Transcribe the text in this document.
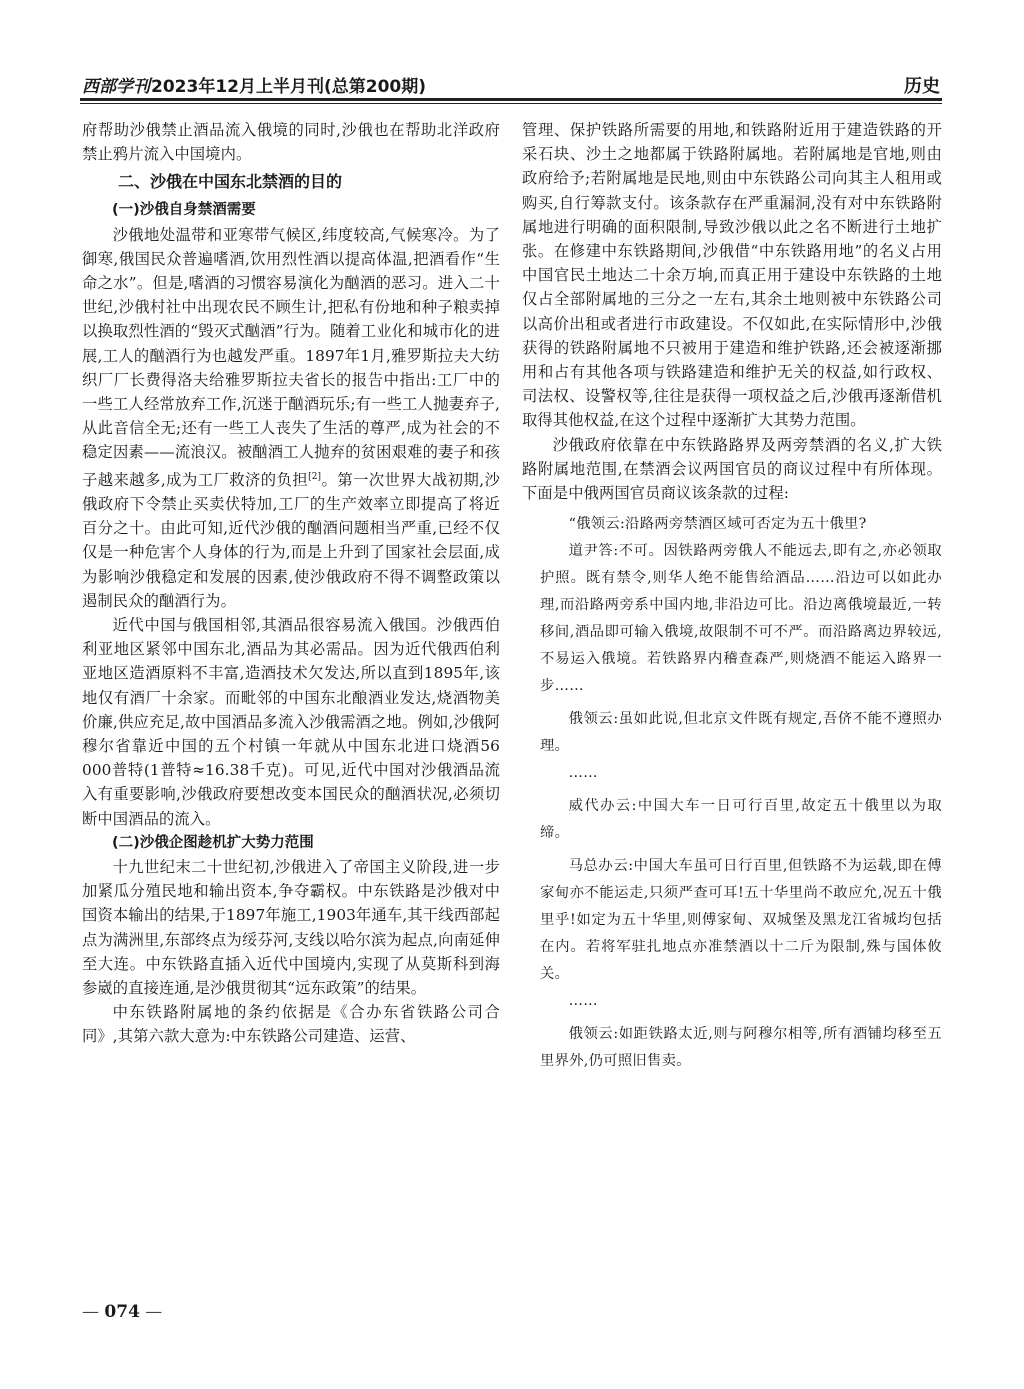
西部学刊2023年12月上半月刊(总第200期)	历史
府帮助沙俄禁止酒品流入俄境的同时,沙俄也在帮助北洋政府禁止鸦片流入中国境内。
二、沙俄在中国东北禁酒的目的
(一)沙俄自身禁酒需要
沙俄地处温带和亚寒带气候区,纬度较高,气候寒冷。为了御寒,俄国民众普遍嗜酒,饮用烈性酒以提高体温,把酒看作“生命之水”。但是,嗜酒的习惯容易演化为酗酒的恶习。进入二十世纪,沙俄村社中出现农民不顾生计,把私有份地和种子粮卖掉以换取烈性酒的“毁灭式酗酒”行为。随着工业化和城市化的进展,工人的酗酒行为也越发严重。1897年1月,雅罗斯拉夫大纺织厂厂长费得洛夫给雅罗斯拉夫省长的报告中指出:工厂中的一些工人经常放弃工作,沉迷于酗酒玩乐;有一些工人抛妻弃子,从此音信全无;还有一些工人丧失了生活的尊严,成为社会的不稳定因素——流浪汉。被酗酒工人抛弃的贫困艰难的妻子和孩子越来越多,成为工厂救济的负担[2]。第一次世界大战初期,沙俄政府下令禁止买卖伏特加,工厂的生产效率立即提高了将近百分之十。由此可知,近代沙俄的酗酒问题相当严重,已经不仅仅是一种危害个人身体的行为,而是上升到了国家社会层面,成为影响沙俄稳定和发展的因素,使沙俄政府不得不调整政策以遏制民众的酗酒行为。
近代中国与俄国相邻,其酒品很容易流入俄国。沙俄西伯利亚地区紧邻中国东北,酒品为其必需品。因为近代俄西伯利亚地区造酒原料不丰富,造酒技术欠发达,所以直到1895年,该地仅有酒厂十余家。而毗邻的中国东北酿酒业发达,烧酒物美价廉,供应充足,故中国酒品多流入沙俄需酒之地。例如,沙俄阿穆尔省靠近中国的五个村镇一年就从中国东北进口烧酒56 000普特(1普特≈16.38千克)。可见,近代中国对沙俄酒品流入有重要影响,沙俄政府要想改变本国民众的酗酒状况,必须切断中国酒品的流入。
(二)沙俄企图趁机扩大势力范围
十九世纪末二十世纪初,沙俄进入了帝国主义阶段,进一步加紧瓜分殖民地和输出资本,争夺霸权。中东铁路是沙俄对中国资本输出的结果,于1897年施工,1903年通车,其干线西部起点为满洲里,东部终点为绥芬河,支线以哈尔滨为起点,向南延伸至大连。中东铁路直插入近代中国境内,实现了从莫斯科到海参崴的直接连通,是沙俄贯彻其“远东政策”的结果。
中东铁路附属地的条约依据是《合办东省铁路公司合同》,其第六款大意为:中东铁路公司建造、运营、
管理、保护铁路所需要的用地,和铁路附近用于建造铁路的开采石块、沙土之地都属于铁路附属地。若附属地是官地,则由政府给予;若附属地是民地,则由中东铁路公司向其主人租用或购买,自行筹款支付。该条款存在严重漏洞,没有对中东铁路附属地进行明确的面积限制,导致沙俄以此之名不断进行土地扩张。在修建中东铁路期间,沙俄借“中东铁路用地”的名义占用中国官民土地达二十余万垧,而真正用于建设中东铁路的土地仅占全部附属地的三分之一左右,其余土地则被中东铁路公司以高价出租或者进行市政建设。不仅如此,在实际情形中,沙俄获得的铁路附属地不只被用于建造和维护铁路,还会被逐渐挪用和占有其他各项与铁路建造和维护无关的权益,如行政权、司法权、设警权等,往往是获得一项权益之后,沙俄再逐渐借机取得其他权益,在这个过程中逐渐扩大其势力范围。
沙俄政府依靠在中东铁路路界及两旁禁酒的名义,扩大铁路附属地范围,在禁酒会议两国官员的商议过程中有所体现。下面是中俄两国官员商议该条款的过程:
“俄领云:沿路两旁禁酒区域可否定为五十俄里?
道尹答:不可。因铁路两旁俄人不能远去,即有之,亦必领取护照。既有禁令,则华人绝不能售给酒品……沿边可以如此办理,而沿路两旁系中国内地,非沿边可比。沿边离俄境最近,一转移间,酒品即可输入俄境,故限制不可不严。而沿路离边界较远,不易运入俄境。若铁路界内稽查森严,则烧酒不能运入路界一步……
俄领云:虽如此说,但北京文件既有规定,吾侪不能不遵照办理。
……
威代办云:中国大车一日可行百里,故定五十俄里以为取缔。
马总办云:中国大车虽可日行百里,但铁路不为运载,即在傅家甸亦不能运走,只须严查可耳!五十华里尚不敢应允,况五十俄里乎!如定为五十华里,则傅家甸、双城堡及黑龙江省城均包括在内。若将军驻扎地点亦准禁酒以十二斤为限制,殊与国体攸关。
……
俄领云:如距铁路太近,则与阿穆尔相等,所有酒铺均移至五里界外,仍可照旧售卖。
— 074 —
